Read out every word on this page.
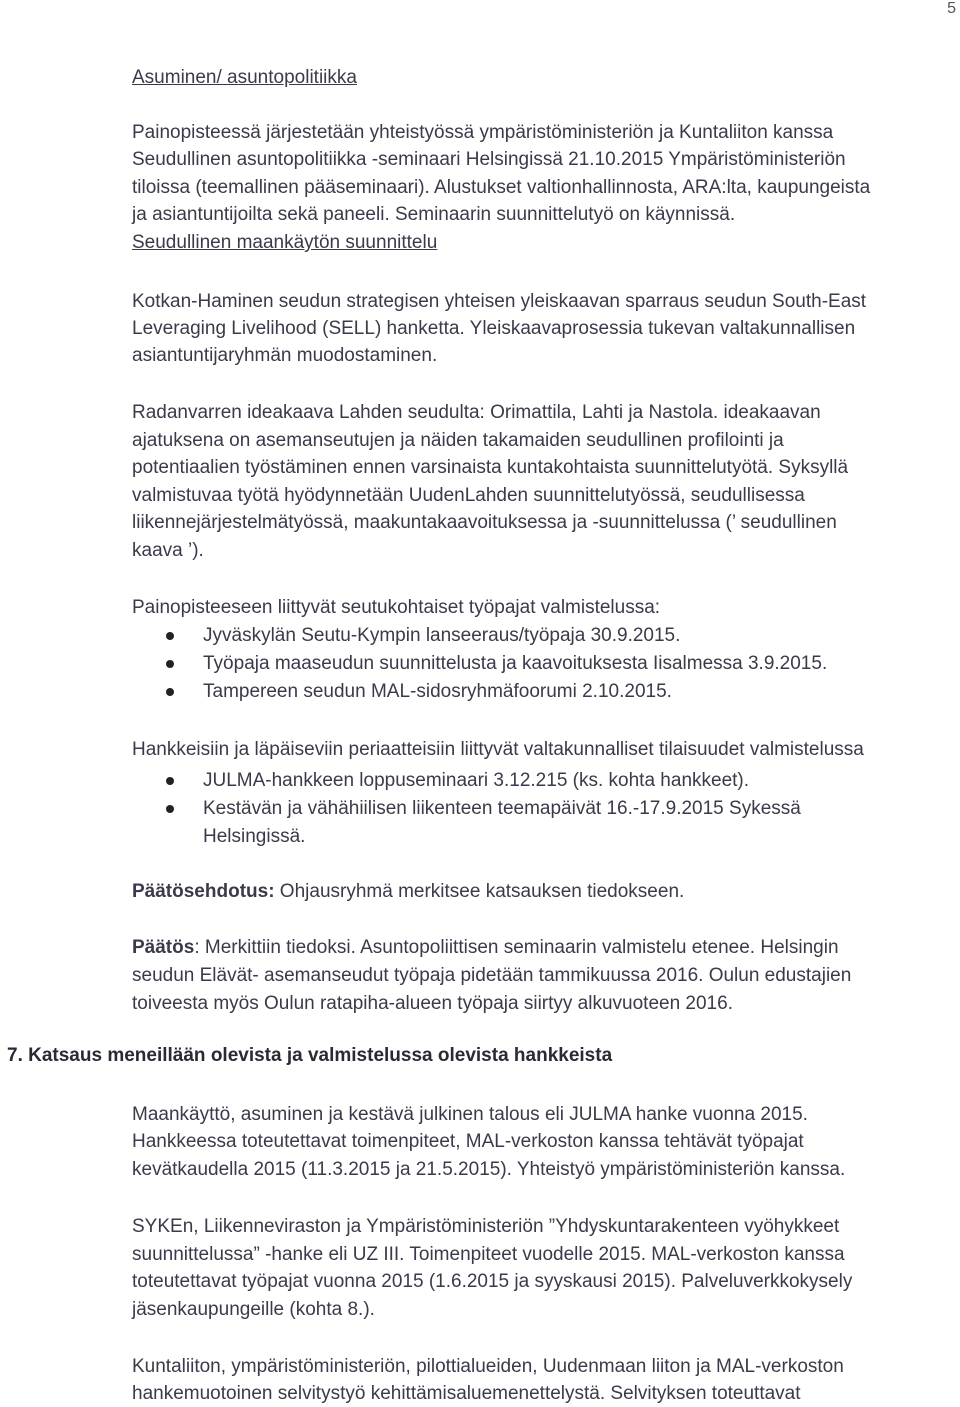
5
Asuminen/ asuntopolitiikka
Painopisteessä järjestetään yhteistyössä ympäristöministeriön ja Kuntaliiton kanssa
Seudullinen asuntopolitiikka -seminaari Helsingissä 21.10.2015 Ympäristöministeriön
tiloissa (teemallinen pääseminaari). Alustukset valtionhallinnosta, ARA:lta, kaupungeista
ja asiantuntijoilta sekä paneeli. Seminaarin suunnittelutyö on käynnissä.
Seudullinen maankäytön suunnittelu
Kotkan-Haminen seudun strategisen yhteisen yleiskaavan sparraus seudun South-East
Leveraging Livelihood (SELL) hanketta. Yleiskaavaprosessia tukevan valtakunnallisen
asiantuntijaryhmän muodostaminen.
Radanvarren ideakaava Lahden seudulta: Orimattila, Lahti ja Nastola. ideakaavan
ajatuksena on asemanseutujen ja näiden takamaiden seudullinen profilointi ja
potentiaalien työstäminen ennen varsinaista kuntakohtaista suunnittelutyötä. Syksyllä
valmistuvaa työtä hyödynnetään UudenLahden suunnittelutyössä, seudullisessa
liikennejärjestelmätyössä, maakuntakaavoituksessa ja -suunnittelussa (’ seudullinen
kaava ’).
Painopisteeseen liittyvät seutukohtaiset työpajat valmistelussa:
Jyväskylän Seutu-Kympin lanseeraus/työpaja 30.9.2015.
Työpaja maaseudun suunnittelusta ja kaavoituksesta Iisalmessa 3.9.2015.
Tampereen seudun MAL-sidosryhmäfoorumi 2.10.2015.
Hankkeisiin ja läpäiseviin periaatteisiin liittyvät valtakunnalliset tilaisuudet valmistelussa
JULMA-hankkeen loppuseminaari 3.12.215 (ks. kohta hankkeet).
Kestävän ja vähähiilisen liikenteen teemapäivät 16.-17.9.2015 Sykessä
Helsingissä.
Päätösehdotus: Ohjausryhmä merkitsee katsauksen tiedokseen.
Päätös: Merkittiin tiedoksi. Asuntopoliittisen seminaarin valmistelu etenee. Helsingin
seudun Elävät- asemanseudut työpaja pidetään tammikuussa 2016. Oulun edustajien
toiveesta myös Oulun ratapiha-alueen työpaja siirtyy alkuvuoteen 2016.
Maankäyttö, asuminen ja kestävä julkinen talous eli JULMA hanke vuonna 2015.
Hankkeessa toteutettavat toimenpiteet, MAL-verkoston kanssa tehtävät työpajat
kevätkaudella 2015 (11.3.2015 ja 21.5.2015). Yhteistyö ympäristöministeriön kanssa.
SYKEn, Liikenneviraston ja Ympäristöministeriön ”Yhdyskuntarakenteen vyöhykkeet
suunnittelussa” -hanke eli UZ III. Toimenpiteet vuodelle 2015. MAL-verkoston kanssa
toteutettavat työpajat vuonna 2015 (1.6.2015 ja syyskausi 2015). Palveluverkkokysely
jäsenkaupungeille (kohta 8.).
Kuntaliiton, ympäristöministeriön, pilottialueiden, Uudenmaan liiton ja MAL-verkoston
hankemuotoinen selvitystyö kehittämisaluemenettelystä. Selvityksen toteuttavat
7. Katsaus meneillään olevista ja valmistelussa olevista hankkeista
